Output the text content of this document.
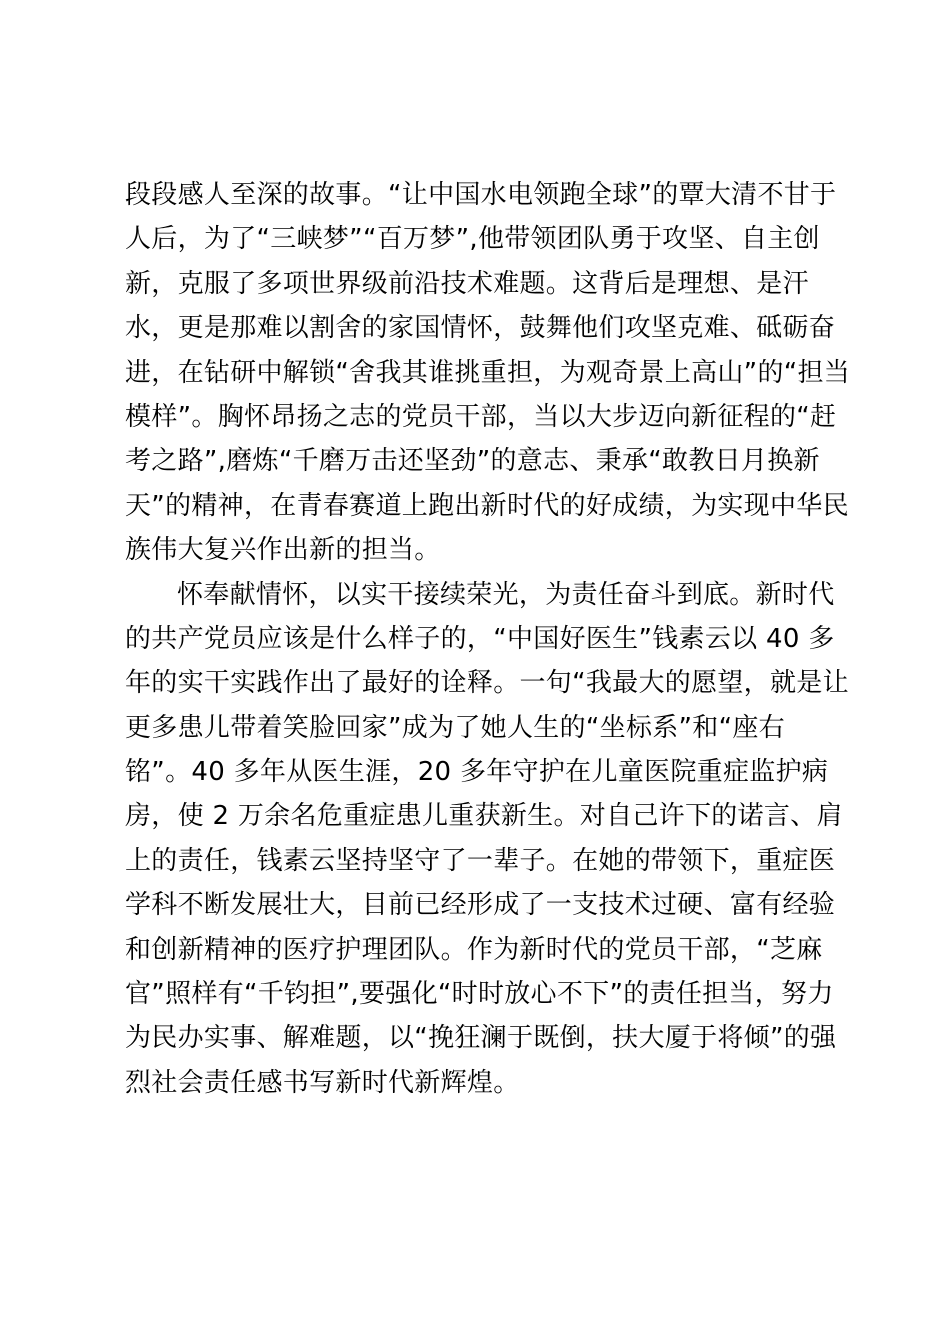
段段感人至深的故事。“让中国水电领跑全球”的覃大清不甘于
人后，为了“三峡梦”“百万梦”,他带领团队勇于攻坚、自主创
新，克服了多项世界级前沿技术难题。这背后是理想、是汗
水，更是那难以割舍的家国情怀，鼓舞他们攻坚克难、砥砺奋
进，在钻研中解锁“舍我其谁挑重担，为观奇景上高山”的“担当
模样”。胸怀昂扬之志的党员干部，当以大步迈向新征程的“赶
考之路”,磨炼“千磨万击还坚劲”的意志、秉承“敢教日月换新
天”的精神，在青春赛道上跑出新时代的好成绩，为实现中华民
族伟大复兴作出新的担当。
怀奉献情怀，以实干接续荣光，为责任奋斗到底。新时代
的共产党员应该是什么样子的，“中国好医生”钱素云以 40 多
年的实干实践作出了最好的诠释。一句“我最大的愿望，就是让
更多患儿带着笑脸回家”成为了她人生的“坐标系”和“座右
铭”。40 多年从医生涯，20 多年守护在儿童医院重症监护病
房，使 2 万余名危重症患儿重获新生。对自己许下的诺言、肩
上的责任，钱素云坚持坚守了一辈子。在她的带领下，重症医
学科不断发展壮大，目前已经形成了一支技术过硬、富有经验
和创新精神的医疗护理团队。作为新时代的党员干部，“芝麻
官”照样有“千钧担”,要强化“时时放心不下”的责任担当，努力
为民办实事、解难题，以“挽狂澜于既倒，扶大厦于将倾”的强
烈社会责任感书写新时代新辉煌。
